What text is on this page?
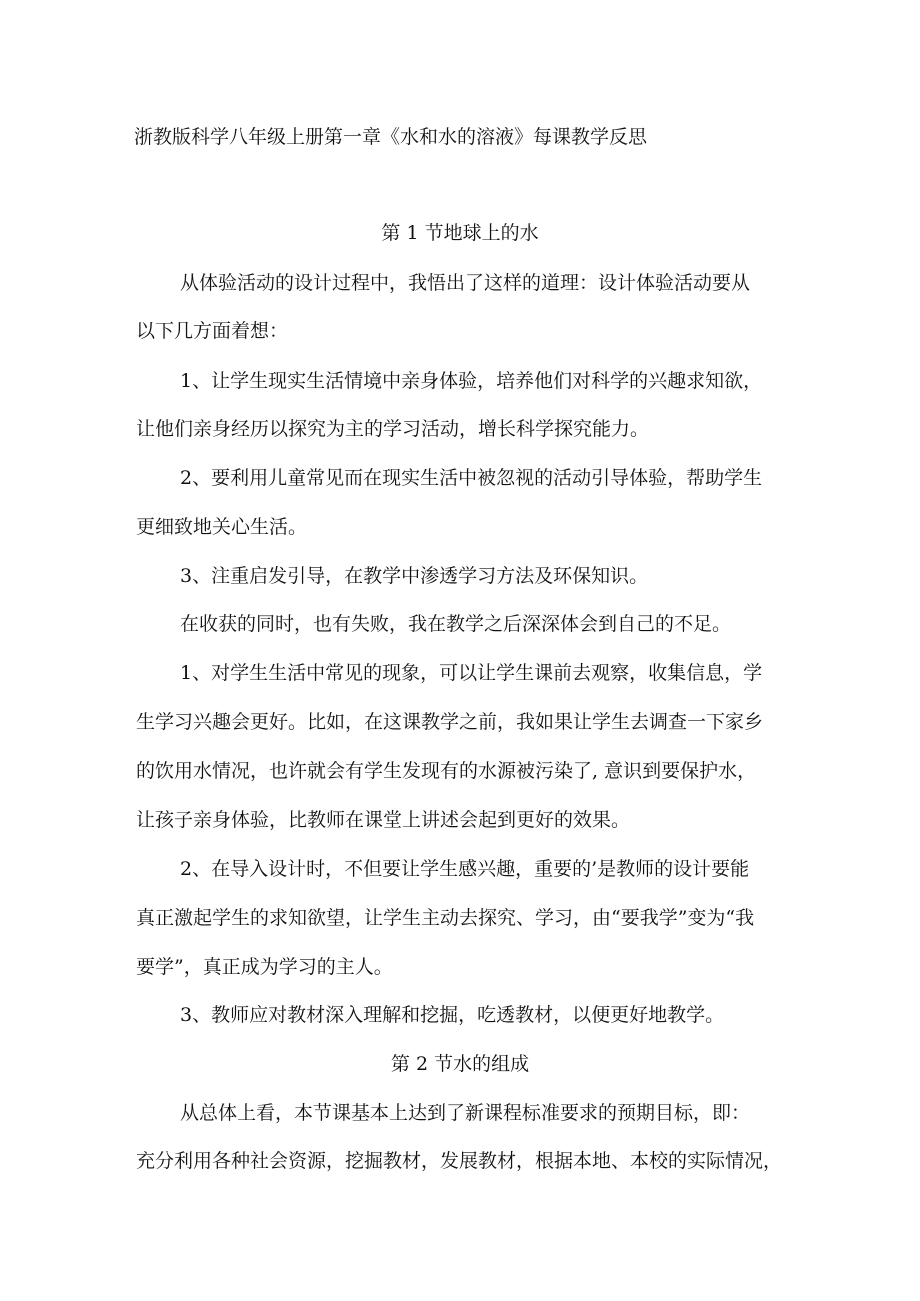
浙教版科学八年级上册第一章《水和水的溶液》每课教学反思
第 1 节地球上的水
从体验活动的设计过程中，我悟出了这样的道理：设计体验活动要从
以下几方面着想：
1、让学生现实生活情境中亲身体验，培养他们对科学的兴趣求知欲，
让他们亲身经历以探究为主的学习活动，增长科学探究能力。
2、要利用儿童常见而在现实生活中被忽视的活动引导体验，帮助学生
更细致地关心生活。
3、注重启发引导，在教学中渗透学习方法及环保知识。
在收获的同时，也有失败，我在教学之后深深体会到自己的不足。
1、对学生生活中常见的现象，可以让学生课前去观察，收集信息，学
生学习兴趣会更好。比如，在这课教学之前，我如果让学生去调查一下家乡
的饮用水情况，也许就会有学生发现有的水源被污染了, 意识到要保护水，
让孩子亲身体验，比教师在课堂上讲述会起到更好的效果。
2、在导入设计时，不但要让学生感兴趣，重要的’是教师的设计要能
真正激起学生的求知欲望，让学生主动去探究、学习，由“要我学”变为“我
要学”，真正成为学习的主人。
3、教师应对教材深入理解和挖掘，吃透教材，以便更好地教学。
第 2 节水的组成
从总体上看，本节课基本上达到了新课程标准要求的预期目标，即：
充分利用各种社会资源，挖掘教材，发展教材，根据本地、本校的实际情况，
